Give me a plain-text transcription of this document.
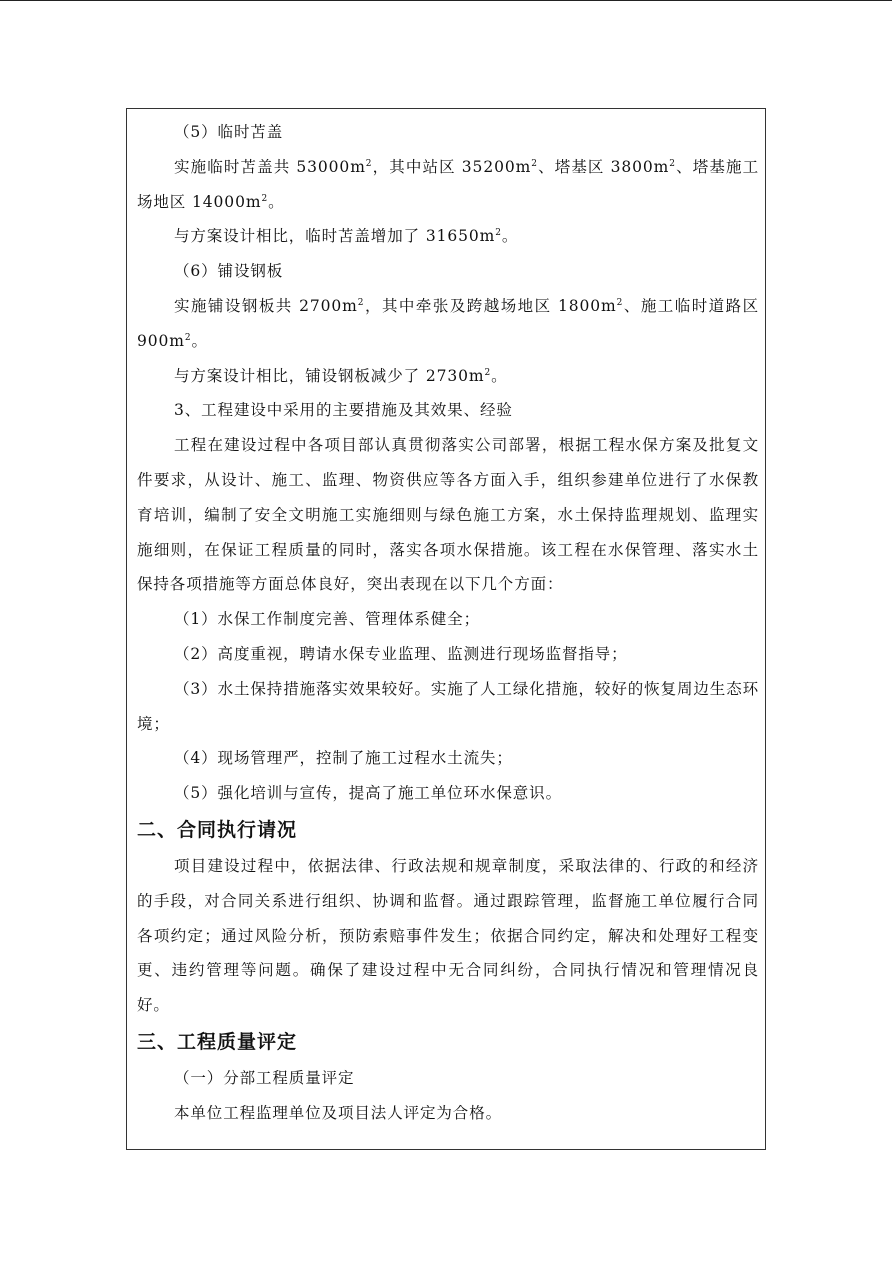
（5）临时苫盖

实施临时苫盖共 $53000m^2$，其中站区 $35200m^2$、塔基区 $3800m^2$、塔基施工场地区 $14000m^2$。

与方案设计相比，临时苫盖增加了 $31650m^2$。

（6）铺设钢板

实施铺设钢板共 $2700m^2$，其中牵张及跨越场地区 $1800m^2$、施工临时道路区 $900m^2$。

与方案设计相比，铺设钢板减少了 $2730m^2$。

3、工程建设中采用的主要措施及其效果、经验

工程在建设过程中各项目部认真贯彻落实公司部署，根据工程水保方案及批复文件要求，从设计、施工、监理、物资供应等各方面入手，组织参建单位进行了水保教育培训，编制了安全文明施工实施细则与绿色施工方案，水土保持监理规划、监理实施细则，在保证工程质量的同时，落实各项水保措施。该工程在水保管理、落实水土保持各项措施等方面总体良好，突出表现在以下几个方面：

（1）水保工作制度完善、管理体系健全；

（2）高度重视，聘请水保专业监理、监测进行现场监督指导；

（3）水土保持措施落实效果较好。实施了人工绿化措施，较好的恢复周边生态环境；

（4）现场管理严，控制了施工过程水土流失；

（5）强化培训与宣传，提高了施工单位环水保意识。

二、合同执行请况

项目建设过程中，依据法律、行政法规和规章制度，采取法律的、行政的和经济的手段，对合同关系进行组织、协调和监督。通过跟踪管理，监督施工单位履行合同各项约定；通过风险分析，预防索赔事件发生；依据合同约定，解决和处理好工程变更、违约管理等问题。确保了建设过程中无合同纠纷，合同执行情况和管理情况良好。

三、工程质量评定

（一）分部工程质量评定

本单位工程监理单位及项目法人评定为合格。
